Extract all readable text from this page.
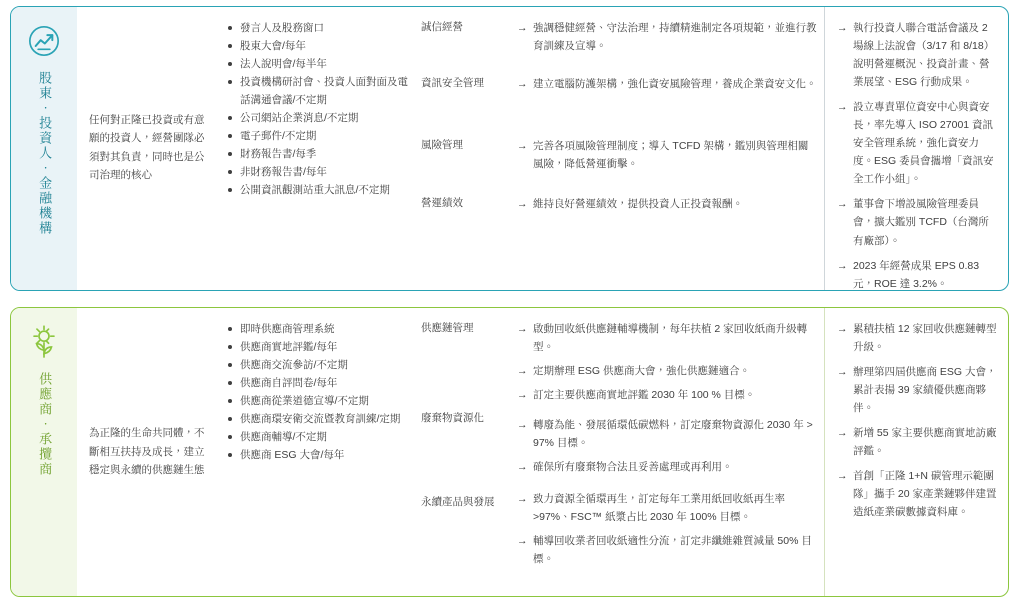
股東‧投資人‧金融機構	任何對正隆已投資或有意願的投資人，經營團隊必須對其負責，同時也是公司治理的核心
發言人及股務窗口
股東大會/每年
法人說明會/每半年
投資機構研討會、投資人面對面及電話溝通會議/不定期
公司網站企業消息/不定期
電子郵件/不定期
財務報告書/每季
非財務報告書/每年
公開資訊觀測站重大訊息/不定期
誠信經營
資訊安全管理
風險管理
營運績效
→ 強調穩健經營、守法治理，持續精進制定各項規範，並進行教育訓練及宣導。
→ 建立電腦防護架構，強化資安風險管理，養成企業資安文化。
→ 完善各項風險管理制度；導入 TCFD 架構，鑑別與管理相關風險，降低營運衝擊。
→ 維持良好營運績效，提供投資人正投資報酬。
→ 執行投資人聯合電話會議及 2 場線上法說會（3/17 和 8/18）說明營運概況、投資計畫、營業展望、ESG 行動成果。
→ 設立專責單位資安中心與資安長，率先導入 ISO 27001 資訊安全管理系統，強化資安力度。ESG 委員會攜增「資訊安全工作小組」。
→ 董事會下增設風險管理委員會，擴大鑑別 TCFD（台灣所有廠部）。
→ 2023 年經營成果 EPS 0.83 元，ROE 達 3.2%。
供應商‧承攬商	為正隆的生命共同體，不斷相互扶持及成長，建立穩定與永續的供應鏈生態
即時供應商管理系統
供應商實地評鑑/每年
供應商交流參訪/不定期
供應商自評問卷/每年
供應商從業道德宣導/不定期
供應商環安衛交流暨教育訓練/定期
供應商輔導/不定期
供應商 ESG 大會/每年
供應鏈管理
廢棄物資源化
永續產品與發展
→ 啟動回收紙供應鏈輔導機制，每年扶植 2 家回收紙商升級轉型。
→ 定期辦理 ESG 供應商大會，強化供應鏈適合。
→ 訂定主要供應商實地評鑑 2030 年 100 % 目標。
→ 轉廢為能、發展循環低碳燃料，訂定廢棄物資源化 2030 年 > 97% 目標。
→ 確保所有廢棄物合法且妥善處理或再利用。
→ 致力資源全循環再生，訂定每年工業用紙回收紙再生率 >97%、FSC™ 紙漿占比 2030 年 100% 目標。
→ 輔導回收業者回收紙適性分流，訂定非纖維雜質減量 50% 目標。
→ 累積扶植 12 家回收供應鏈轉型升級。
→ 辦理第四屆供應商 ESG 大會，累計表揚 39 家績優供應商夥伴。
→ 新增 55 家主要供應商實地訪廠評鑑。
→ 首創「正隆 1+N 碳管理示範團隊」攜手 20 家產業鏈夥伴建置造紙產業碳數據資料庫。
